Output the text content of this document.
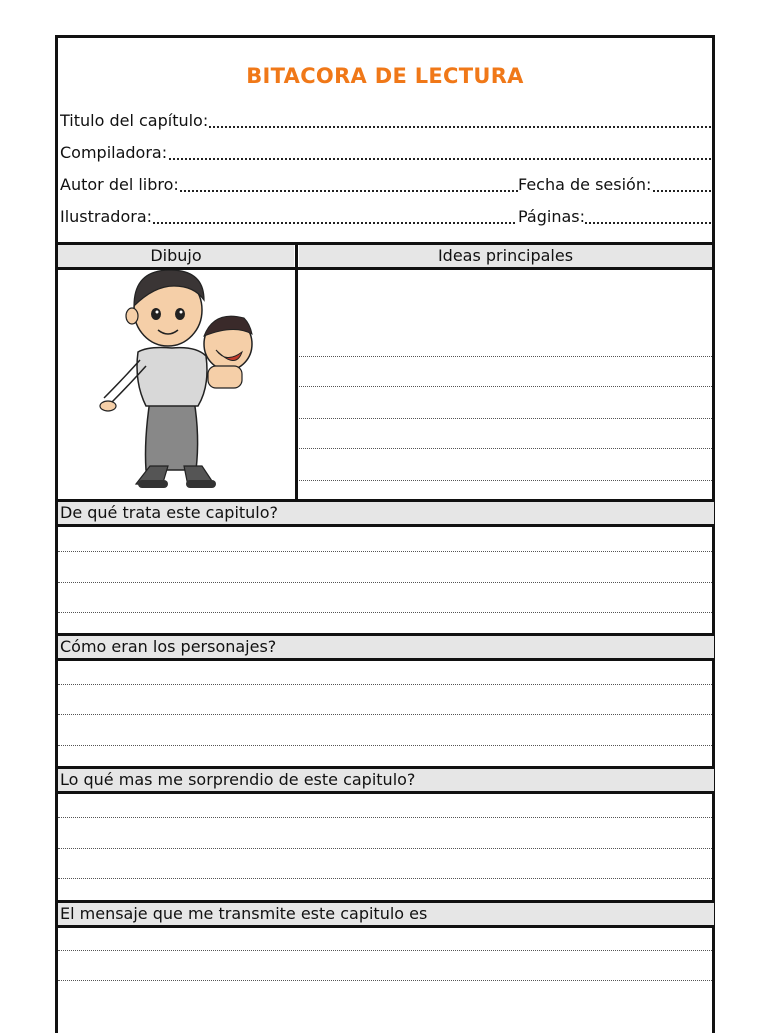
BITACORA DE LECTURA
Titulo del capítulo:
Compiladora:
Autor del libro:	Fecha de sesión:
Ilustradora:	Páginas:
Dibujo	Ideas principales
De qué trata este capitulo?
Cómo eran los personajes?
Lo qué mas me sorprendio de este capitulo?
El mensaje que me transmite este capitulo es
